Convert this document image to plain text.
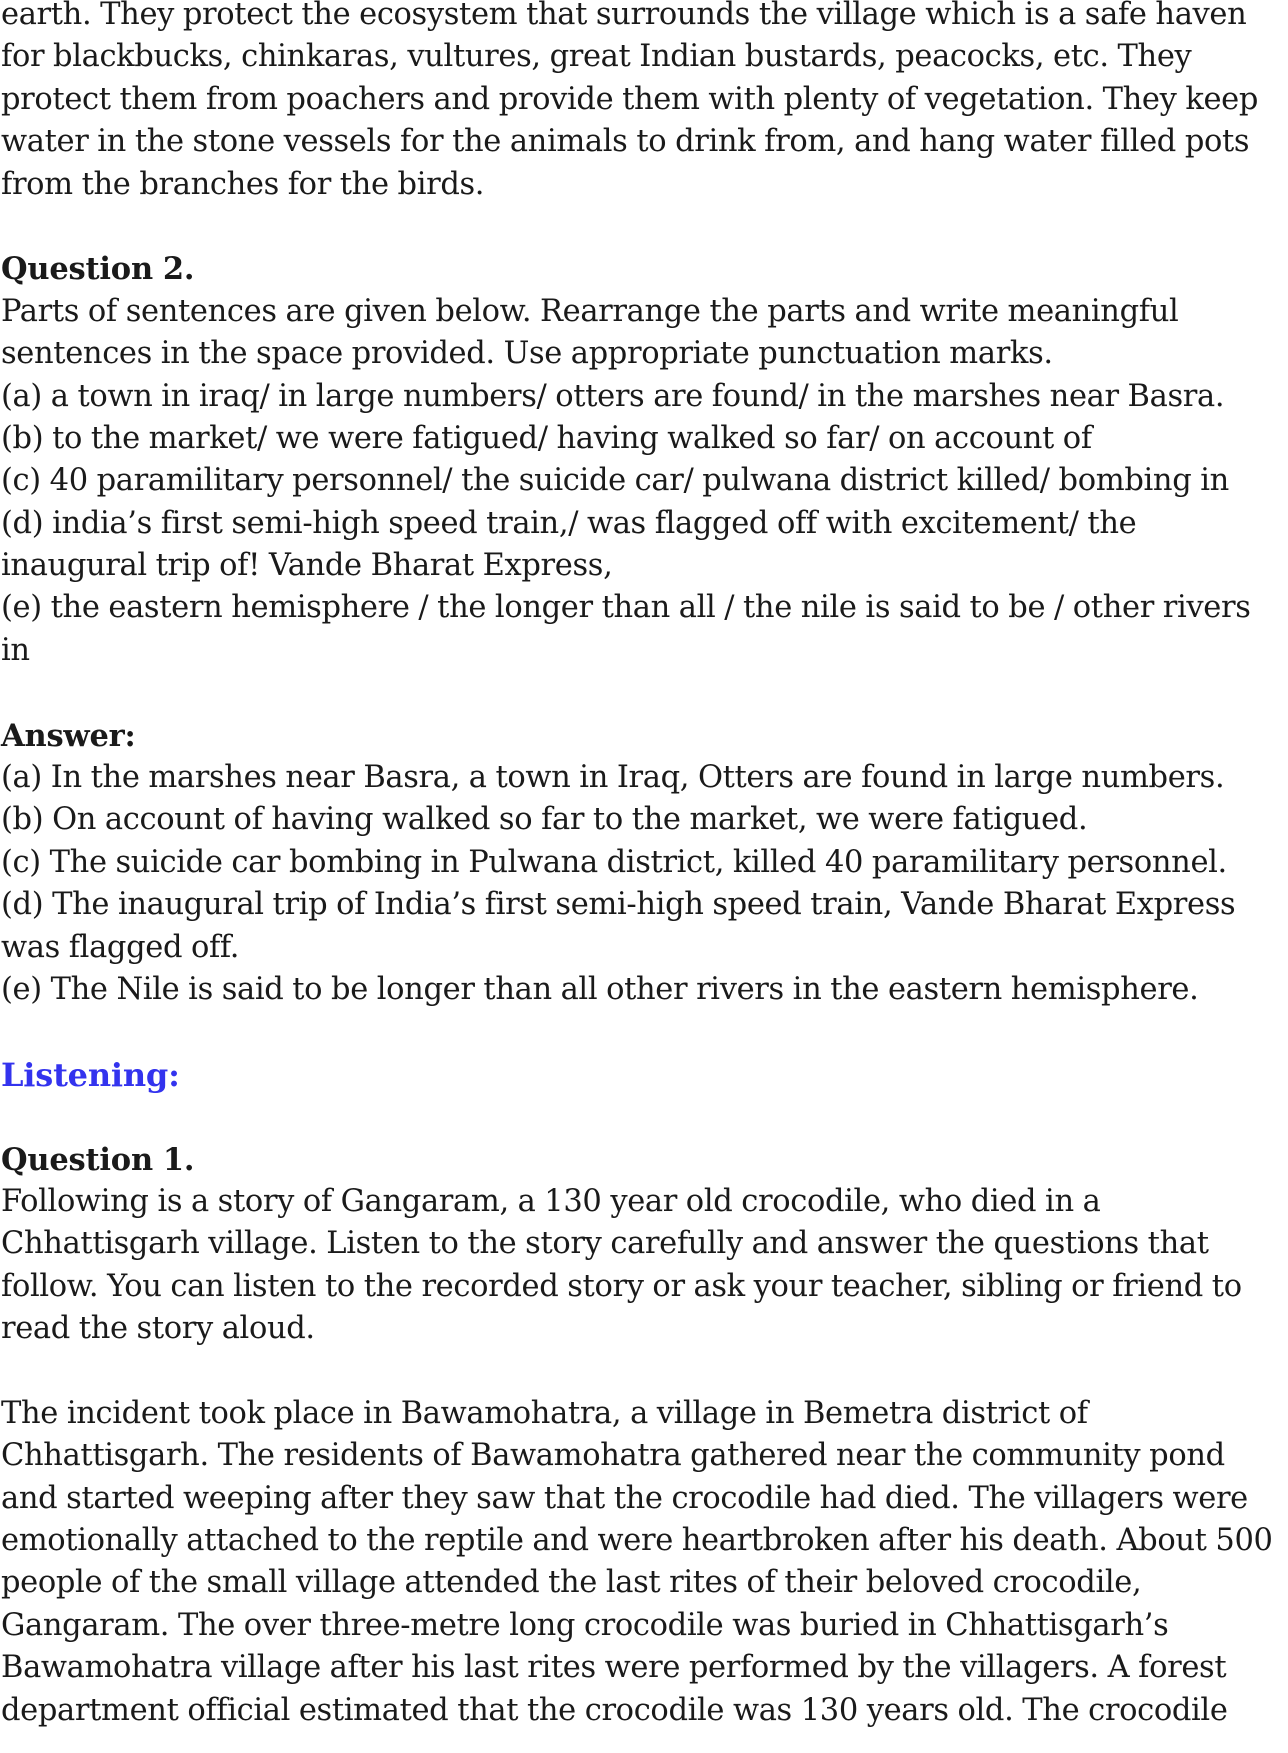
earth. They protect the ecosystem that surrounds the village which is a safe haven
for blackbucks, chinkaras, vultures, great Indian bustards, peacocks, etc. They
protect them from poachers and provide them with plenty of vegetation. They keep
water in the stone vessels for the animals to drink from, and hang water filled pots
from the branches for the birds.
Question 2.
Parts of sentences are given below. Rearrange the parts and write meaningful
sentences in the space provided. Use appropriate punctuation marks.
(a) a town in iraq/ in large numbers/ otters are found/ in the marshes near Basra.
(b) to the market/ we were fatigued/ having walked so far/ on account of
(c) 40 paramilitary personnel/ the suicide car/ pulwana district killed/ bombing in
(d) india’s first semi-high speed train,/ was flagged off with excitement/ the
inaugural trip of! Vande Bharat Express,
(e) the eastern hemisphere / the longer than all / the nile is said to be / other rivers
in
Answer:
(a) In the marshes near Basra, a town in Iraq, Otters are found in large numbers.
(b) On account of having walked so far to the market, we were fatigued.
(c) The suicide car bombing in Pulwana district, killed 40 paramilitary personnel.
(d) The inaugural trip of India’s first semi-high speed train, Vande Bharat Express
was flagged off.
(e) The Nile is said to be longer than all other rivers in the eastern hemisphere.
Listening:
Question 1.
Following is a story of Gangaram, a 130 year old crocodile, who died in a
Chhattisgarh village. Listen to the story carefully and answer the questions that
follow. You can listen to the recorded story or ask your teacher, sibling or friend to
read the story aloud.
The incident took place in Bawamohatra, a village in Bemetra district of
Chhattisgarh. The residents of Bawamohatra gathered near the community pond
and started weeping after they saw that the crocodile had died. The villagers were
emotionally attached to the reptile and were heartbroken after his death. About 500
people of the small village attended the last rites of their beloved crocodile,
Gangaram. The over three-metre long crocodile was buried in Chhattisgarh’s
Bawamohatra village after his last rites were performed by the villagers. A forest
department official estimated that the crocodile was 130 years old. The crocodile
